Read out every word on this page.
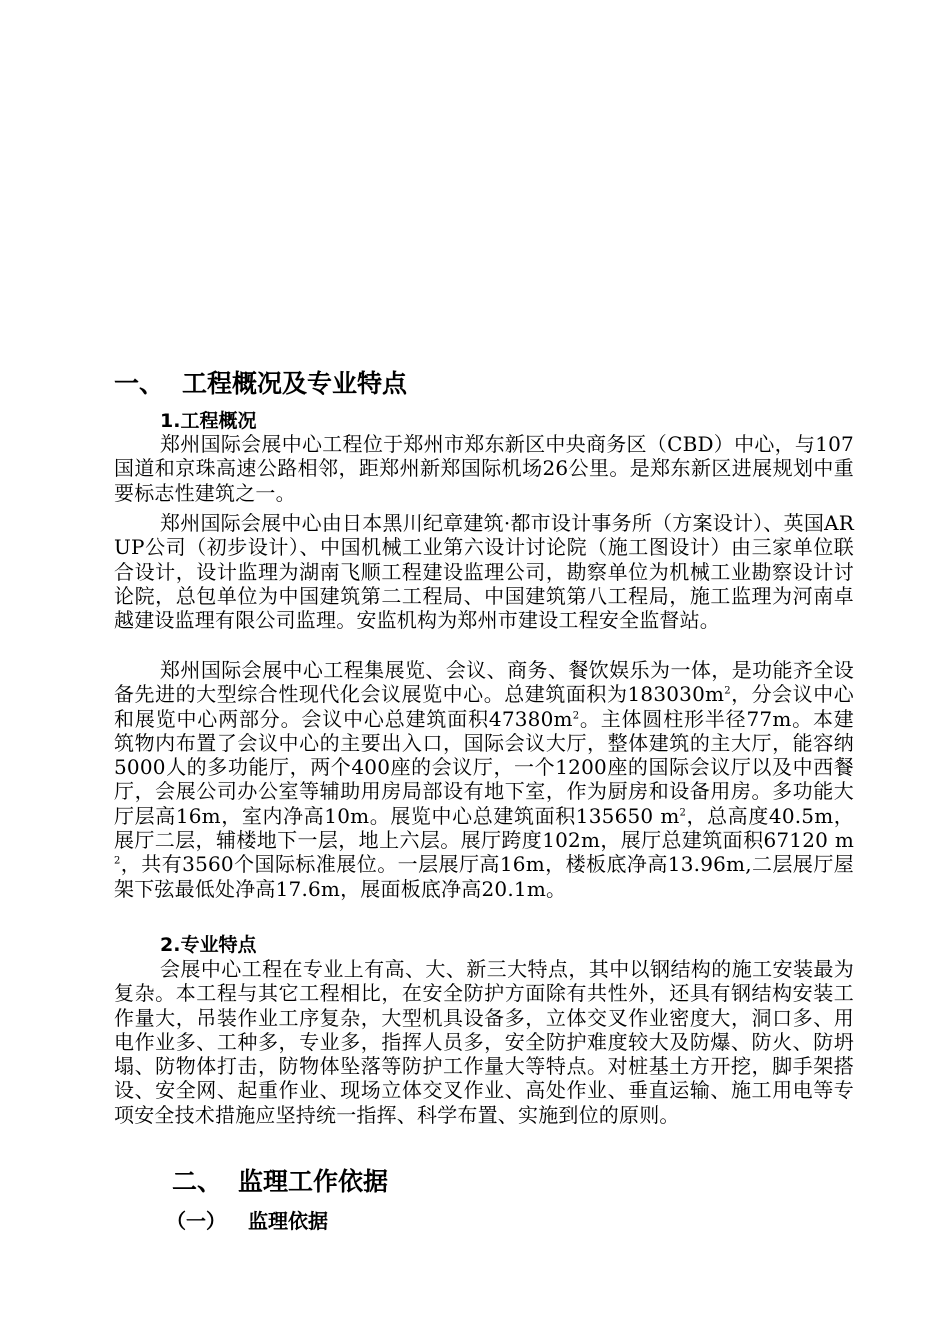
一、 工程概况及专业特点
1.工程概况
郑州国际会展中心工程位于郑州市郑东新区中央商务区（CBD）中心，与107国道和京珠高速公路相邻，距郑州新郑国际机场26公里。是郑东新区进展规划中重要标志性建筑之一。
郑州国际会展中心由日本黑川纪章建筑·都市设计事务所（方案设计）、英国ARUP公司（初步设计）、中国机械工业第六设计讨论院（施工图设计）由三家单位联合设计，设计监理为湖南飞顺工程建设监理公司，勘察单位为机械工业勘察设计讨论院，总包单位为中国建筑第二工程局、中国建筑第八工程局，施工监理为河南卓越建设监理有限公司监理。安监机构为郑州市建设工程安全监督站。
郑州国际会展中心工程集展览、会议、商务、餐饮娱乐为一体，是功能齐全设备先进的大型综合性现代化会议展览中心。总建筑面积为$183030m^2$，分会议中心和展览中心两部分。会议中心总建筑面积$47380m^2$。主体圆柱形半径77m。本建筑物内布置了会议中心的主要出入口，国际会议大厅，整体建筑的主大厅，能容纳5000人的多功能厅，两个400座的会议厅，一个1200座的国际会议厅以及中西餐厅，会展公司办公室等辅助用房局部设有地下室，作为厨房和设备用房。多功能大厅层高16m，室内净高10m。展览中心总建筑面积135650 $m^2$，总高度40.5m，展厅二层，辅楼地下一层，地上六层。展厅跨度102m，展厅总建筑面积67120 $m^2$，共有3560个国际标准展位。一层展厅高16m，楼板底净高13.96m,二层展厅屋架下弦最低处净高17.6m，展面板底净高20.1m。
2.专业特点
会展中心工程在专业上有高、大、新三大特点，其中以钢结构的施工安装最为复杂。本工程与其它工程相比，在安全防护方面除有共性外，还具有钢结构安装工作量大，吊装作业工序复杂，大型机具设备多，立体交叉作业密度大，洞口多、用电作业多、工种多，专业多，指挥人员多，安全防护难度较大及防爆、防火、防坍塌、防物体打击，防物体坠落等防护工作量大等特点。对桩基土方开挖，脚手架搭设、安全网、起重作业、现场立体交叉作业、高处作业、垂直运输、施工用电等专项安全技术措施应坚持统一指挥、科学布置、实施到位的原则。
二、 监理工作依据
（一） 监理依据
